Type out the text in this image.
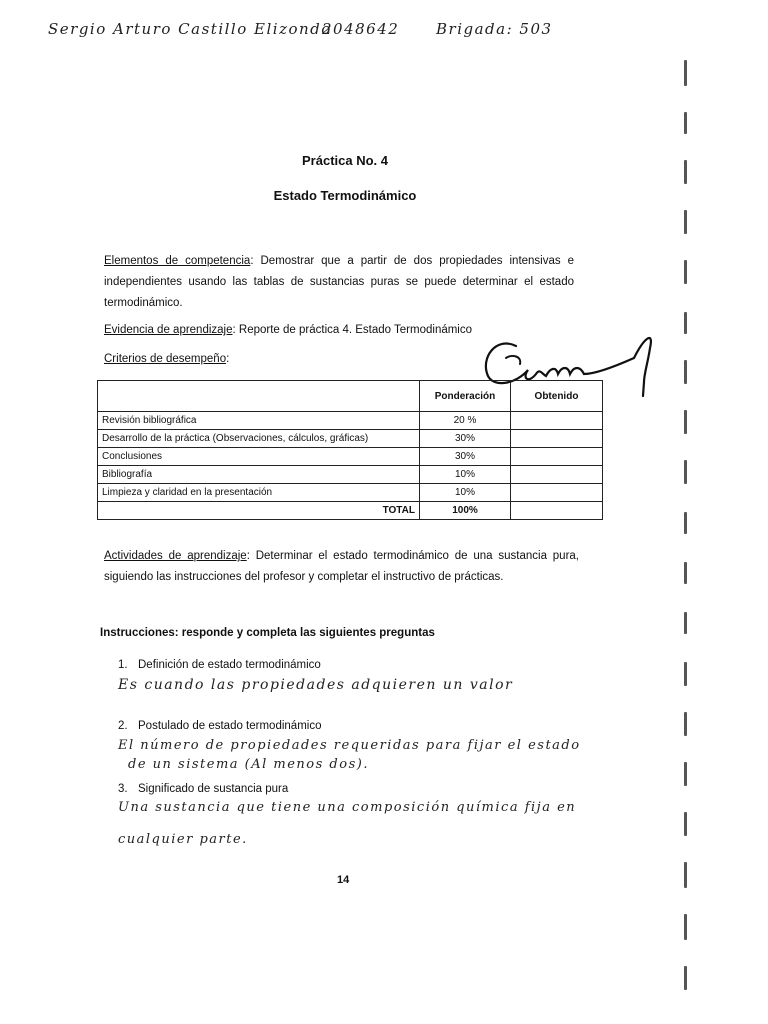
Sergio Arturo Castillo Elizondo
2048642 Brigada: 503
Práctica No. 4
Estado Termodinámico
Elementos de competencia: Demostrar que a partir de dos propiedades intensivas e independientes usando las tablas de sustancias puras se puede determinar el estado termodinámico.
Evidencia de aprendizaje: Reporte de práctica 4. Estado Termodinámico
Criterios de desempeño:
	Ponderación	Obtenido
Revisión bibliográfica	20 %	
Desarrollo de la práctica (Observaciones, cálculos, gráficas)	30%	
Conclusiones	30%	
Bibliografía	10%	
Limpieza y claridad en la presentación	10%	
TOTAL	100%	
Actividades de aprendizaje: Determinar el estado termodinámico de una sustancia pura, siguiendo las instrucciones del profesor y completar el instructivo de prácticas.
Instrucciones: responde y completa las siguientes preguntas
1. Definición de estado termodinámico
Es cuando las propiedades adquieren un valor
2. Postulado de estado termodinámico
El número de propiedades requeridas para fijar el estado
de un sistema (Al menos dos).
3. Significado de sustancia pura
Una sustancia que tiene una composición química fija en
cualquier parte.
14
